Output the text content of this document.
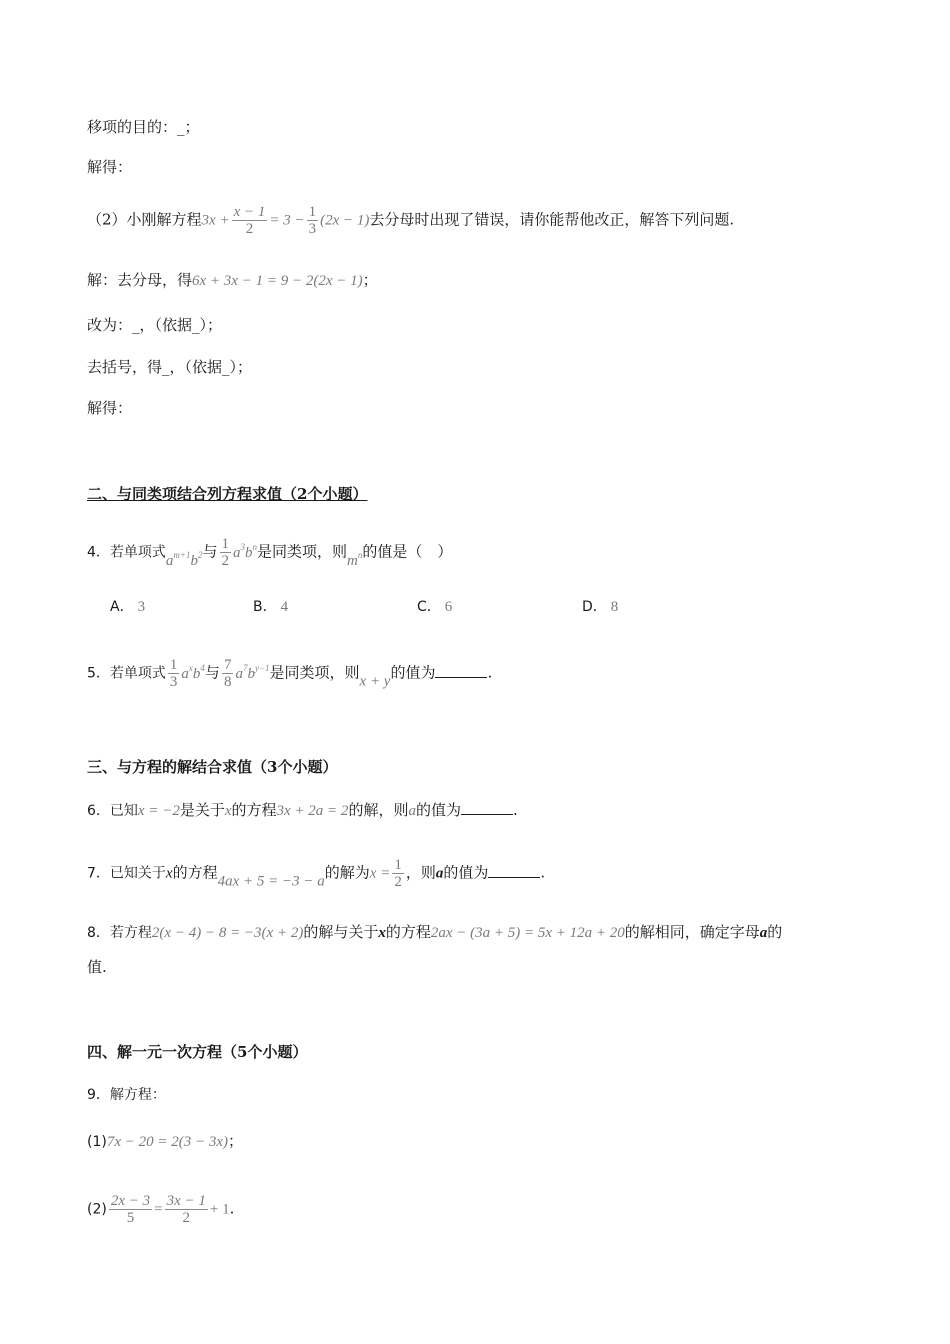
移项的目的：_；
解得：
（2）小刚解方程$3x + \frac{x - 1}{2} = 3 - \frac{1}{3} (2x - 1)$去分母时出现了错误，请你能帮他改正，解答下列问题.
解：去分母，得6x + 3x − 1 = 9 − 2(2x − 1)；
改为：_，（依据_）；
去括号，得_，（依据_）；
解得：
二、与同类项结合列方程求值（2个小题）
4．若单项式$a^{m+1}b^2$与 $\frac{1}{2} a^3b^n$是同类项，则$m^n$的值是（　）
A． 3	B． 4	C． 6	D． 8
5．若单项式 $\frac{1}{3} a^xb^4$与 $\frac{7}{8} a^7b^{y-1}$是同类项，则x + y的值为	.
三、与方程的解结合求值（3个小题）
6．已知x = −2是关于x的方程3x + 2a = 2的解，则a的值为	.
7．已知关于x的方程4ax + 5 = −3 − a的解为$x = \frac{1}{2}$ ，则a的值为	.
8．若方程2(x − 4) − 8 = −3(x + 2)的解与关于x的方程2ax − (3a + 5) = 5x + 12a + 20的解相同，确定字母a的
值.
四、解一元一次方程（5个小题）
9．解方程：
(1)7x − 20 = 2(3 − 3x)；
$(2) \frac{2x - 3}{5} = \frac{3x - 1}{2} + 1$.
